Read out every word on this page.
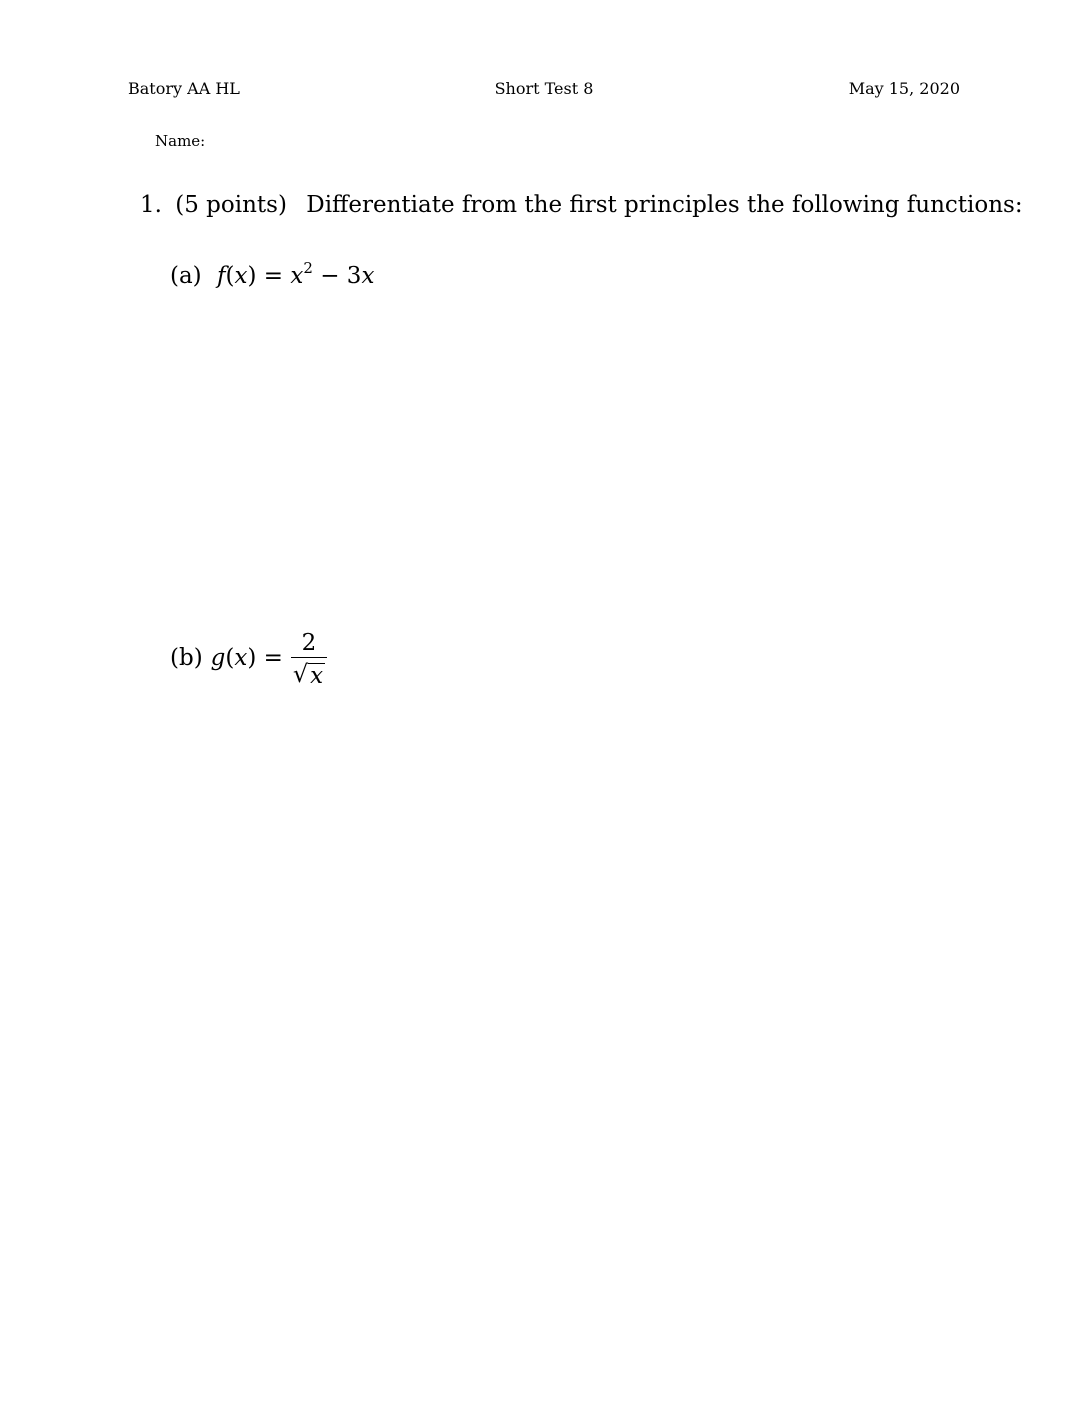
Batory AA HL	Short Test 8	May 15, 2020
Name:
1. (5 points) Differentiate from the first principles the following functions:
(a) $f(x) = x^2 - 3x$
(b) $g(x) = \frac{2}{√ x}$
